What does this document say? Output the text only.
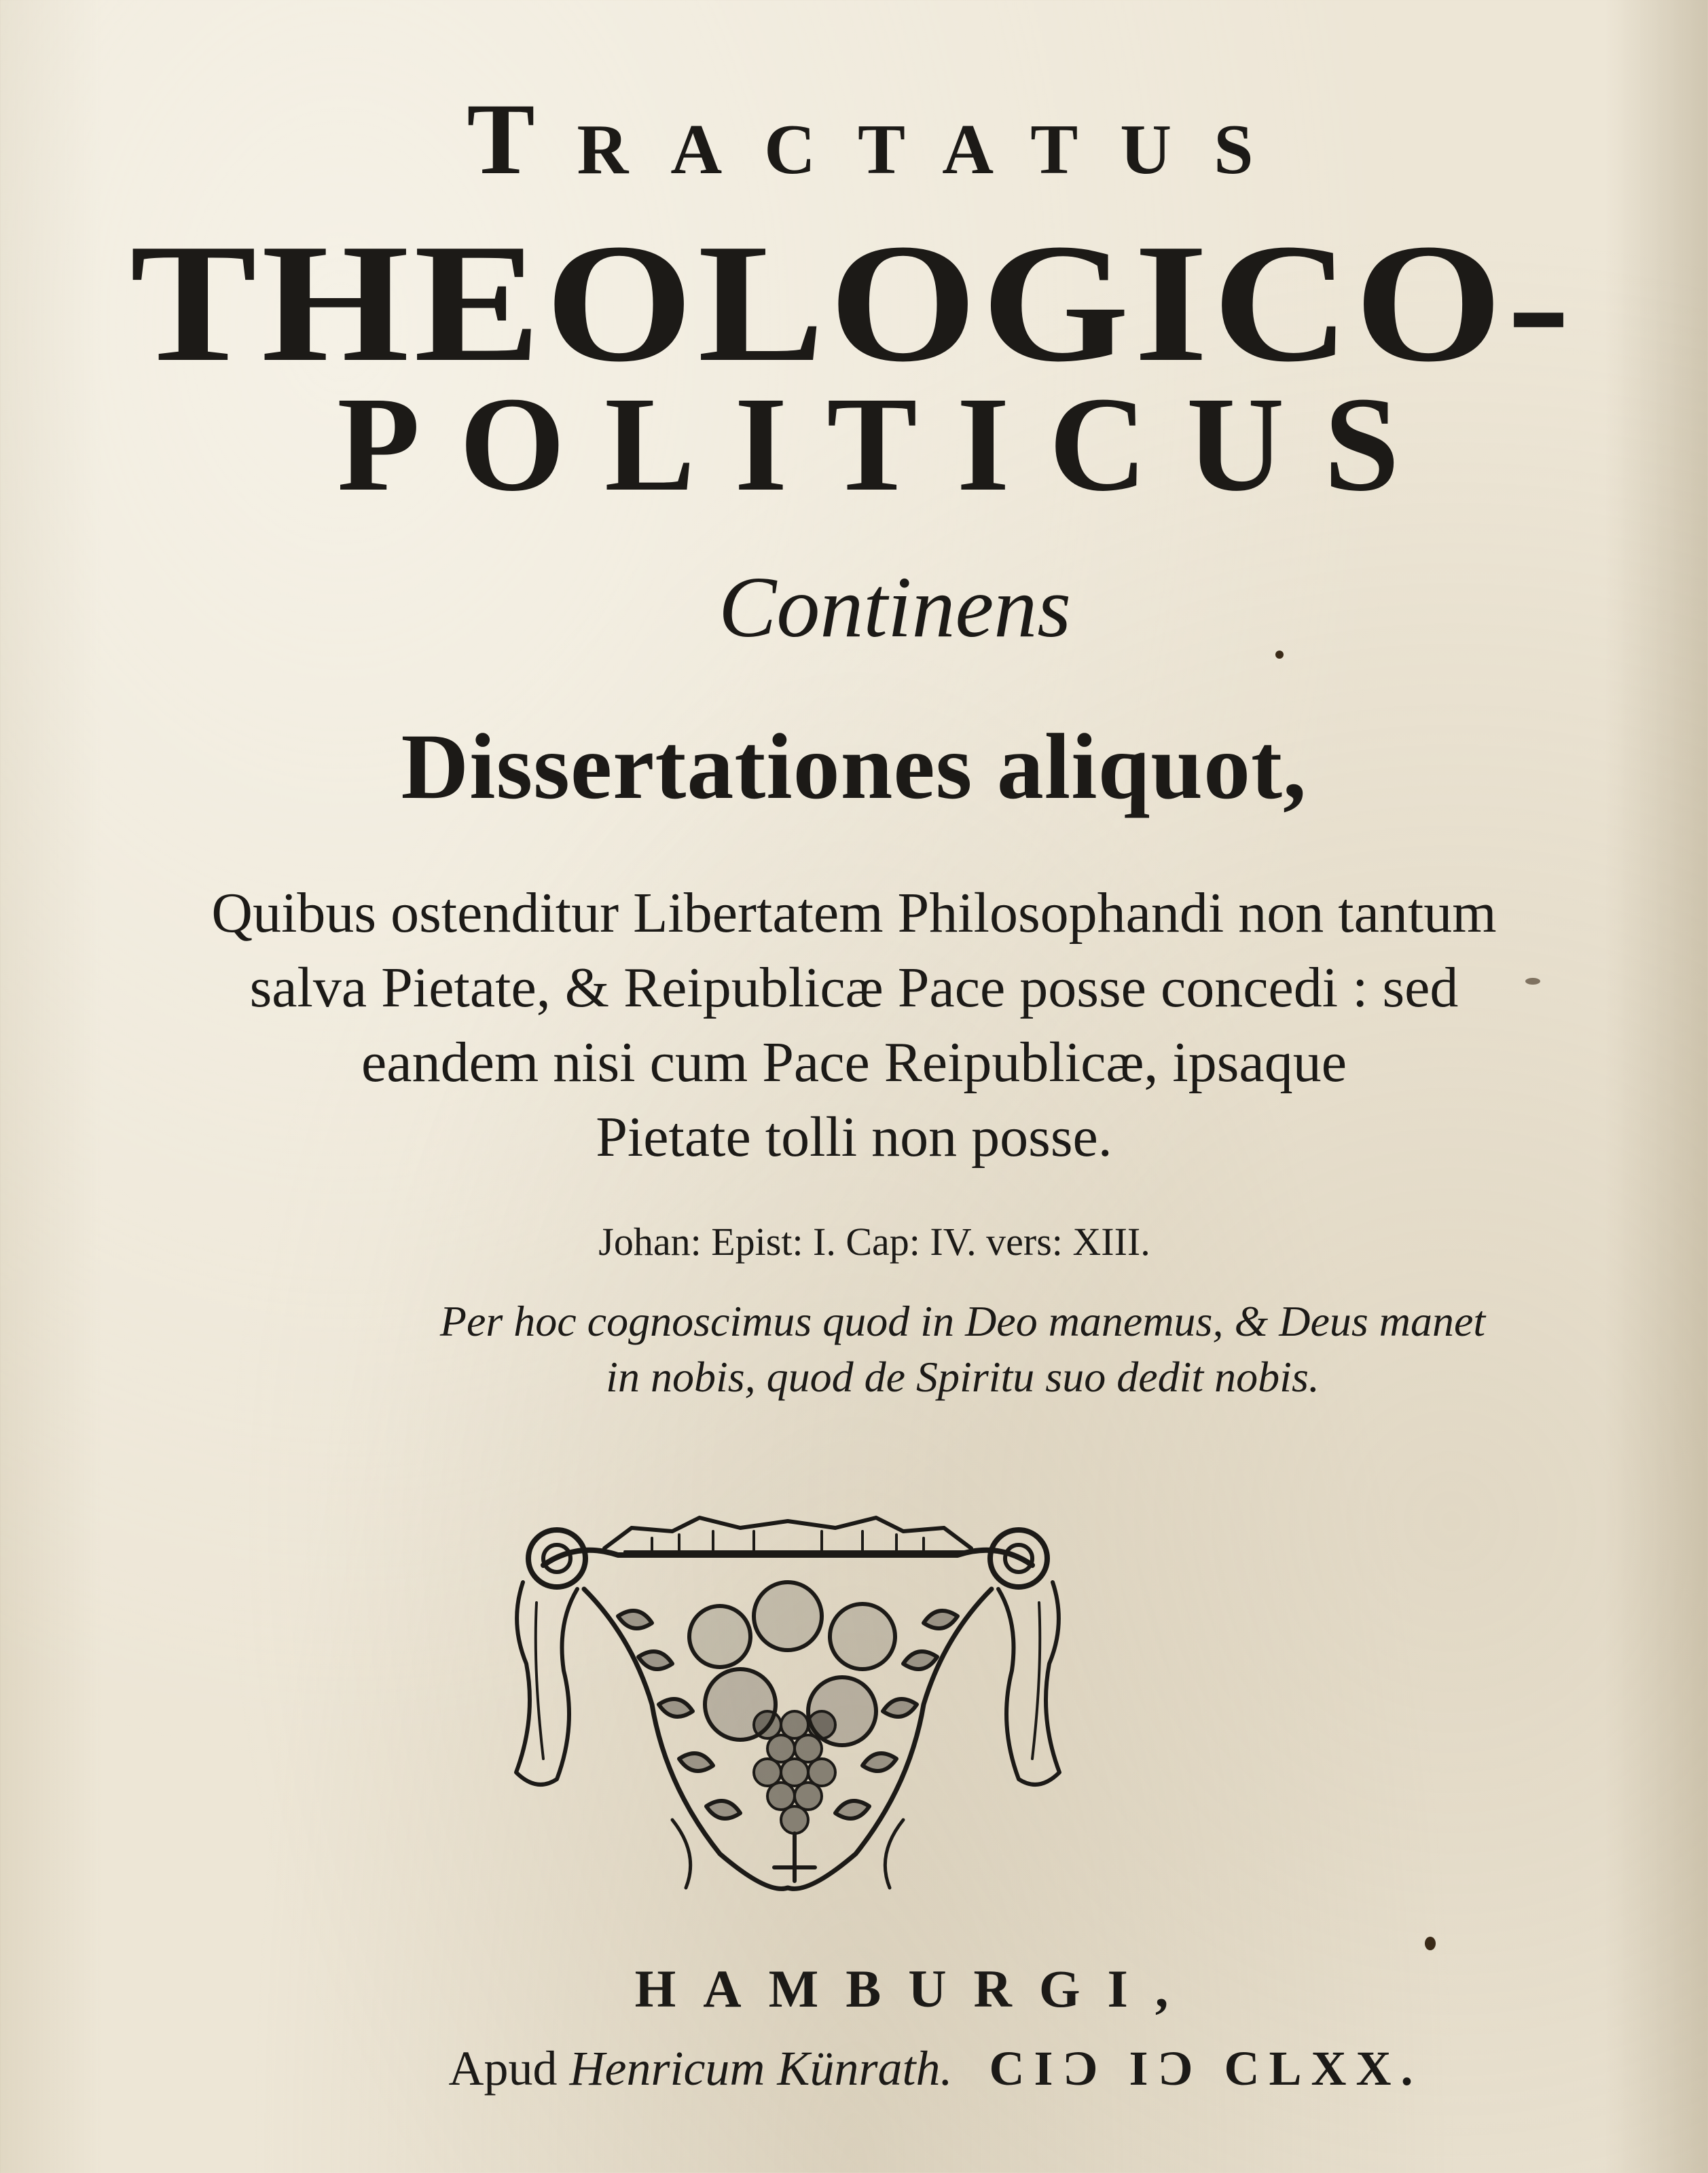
Tractatus
THEOLOGICO-
POLITICUS
Continens
Dissertationes aliquot,
Quibus ostenditur Libertatem Philosophandi non tantum
salva Pietate, & Reipublicæ Pace posse concedi : sed
eandem nisi cum Pace Reipublicæ, ipsaque
Pietate tolli non posse.
Johan: Epist: I. Cap: IV. vers: XIII.
Per hoc cognoscimus quod in Deo manemus, & Deus manet
in nobis, quod de Spiritu suo dedit nobis.
HAMBURGI,
Apud Henricum Künrath. CIƆ IƆ CLXX.
